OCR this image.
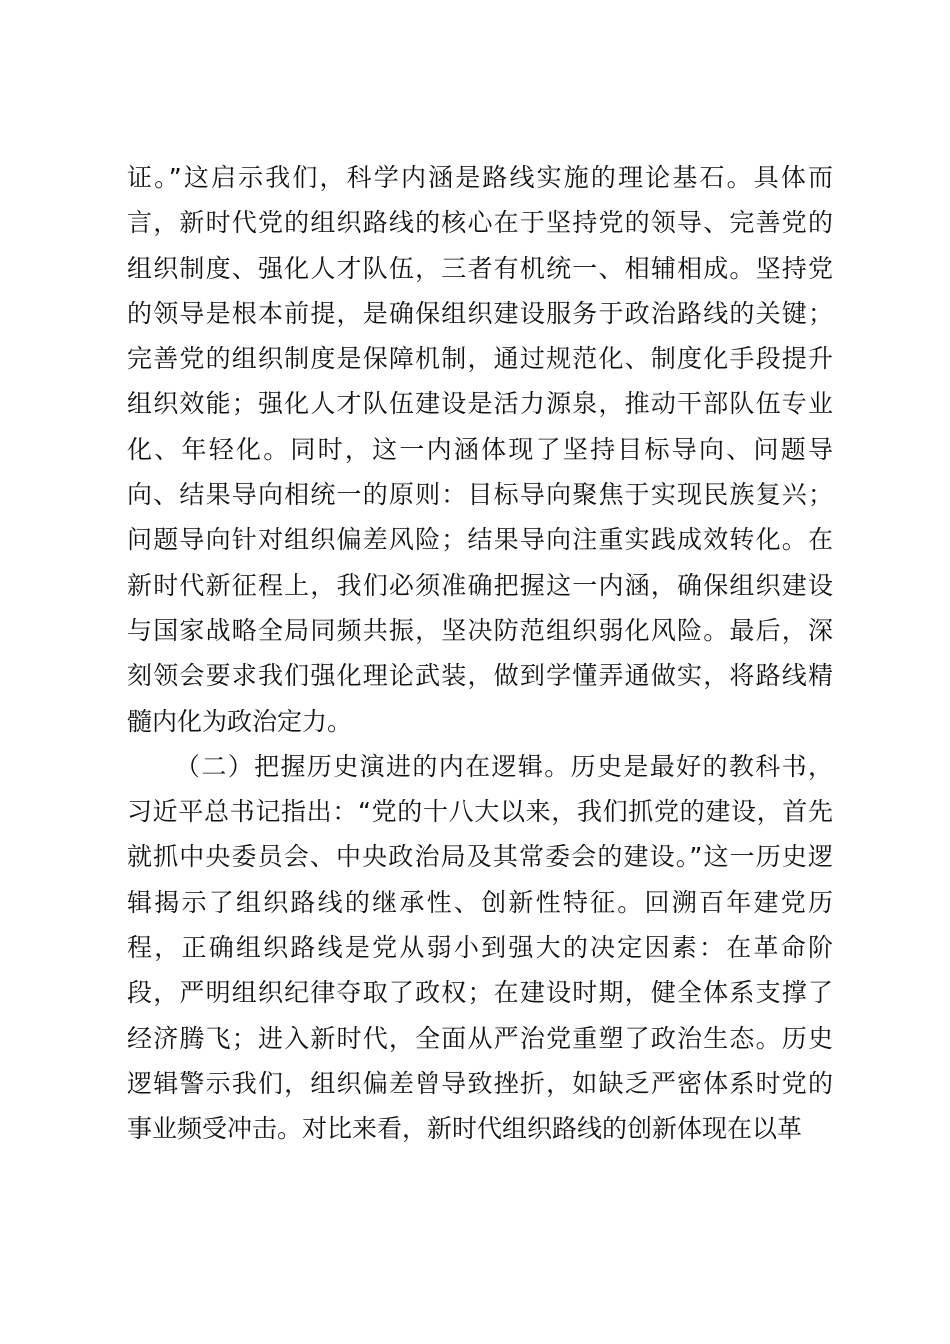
证。”这启示我们，科学内涵是路线实施的理论基石。具体而
言，新时代党的组织路线的核心在于坚持党的领导、完善党的
组织制度、强化人才队伍，三者有机统一、相辅相成。坚持党
的领导是根本前提，是确保组织建设服务于政治路线的关键；
完善党的组织制度是保障机制，通过规范化、制度化手段提升
组织效能；强化人才队伍建设是活力源泉，推动干部队伍专业
化、年轻化。同时，这一内涵体现了坚持目标导向、问题导
向、结果导向相统一的原则：目标导向聚焦于实现民族复兴；
问题导向针对组织偏差风险；结果导向注重实践成效转化。在
新时代新征程上，我们必须准确把握这一内涵，确保组织建设
与国家战略全局同频共振，坚决防范组织弱化风险。最后，深
刻领会要求我们强化理论武装，做到学懂弄通做实，将路线精
髓内化为政治定力。
（二）把握历史演进的内在逻辑。历史是最好的教科书，
习近平总书记指出：“党的十八大以来，我们抓党的建设，首先
就抓中央委员会、中央政治局及其常委会的建设。”这一历史逻
辑揭示了组织路线的继承性、创新性特征。回溯百年建党历
程，正确组织路线是党从弱小到强大的决定因素：在革命阶
段，严明组织纪律夺取了政权；在建设时期，健全体系支撑了
经济腾飞；进入新时代，全面从严治党重塑了政治生态。历史
逻辑警示我们，组织偏差曾导致挫折，如缺乏严密体系时党的
事业频受冲击。对比来看，新时代组织路线的创新体现在以革
